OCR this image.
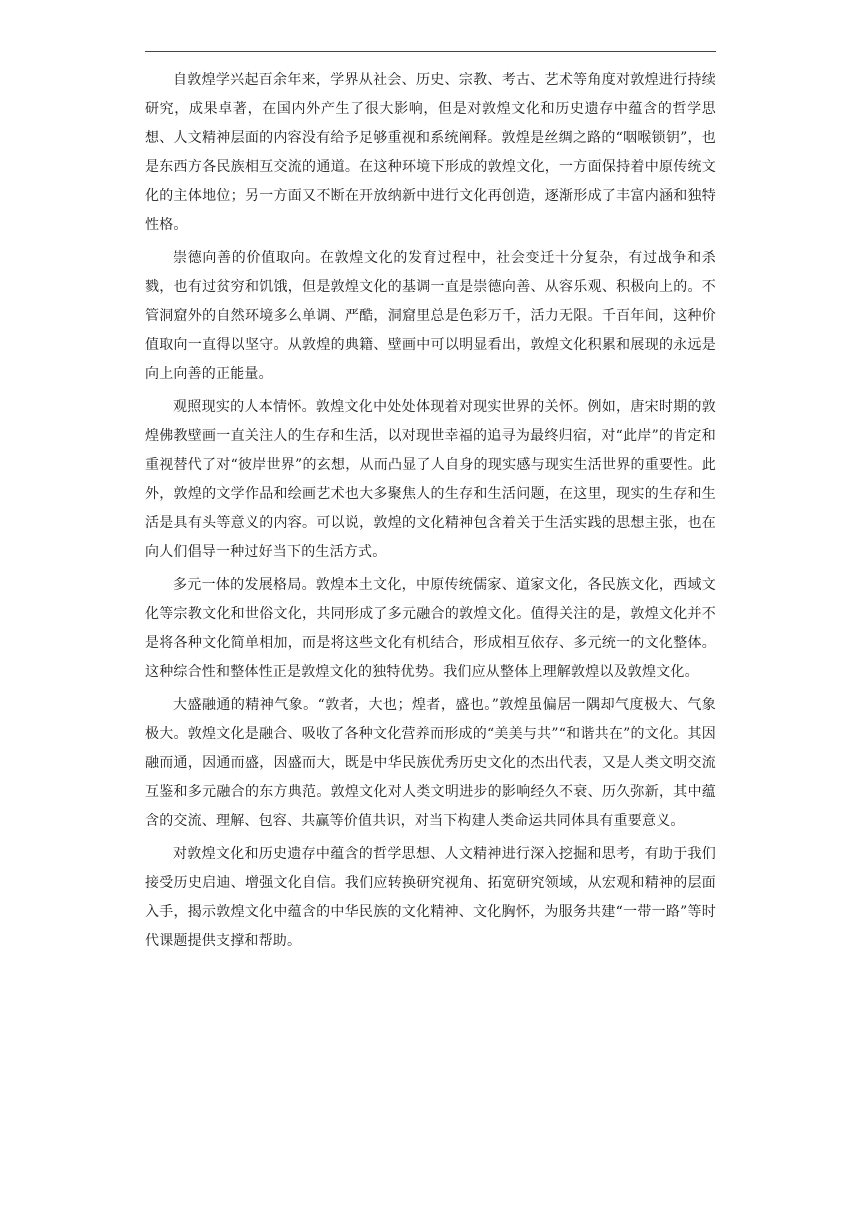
自敦煌学兴起百余年来，学界从社会、历史、宗教、考古、艺术等角度对敦煌进行持续研究，成果卓著，在国内外产生了很大影响，但是对敦煌文化和历史遗存中蕴含的哲学思想、人文精神层面的内容没有给予足够重视和系统阐释。敦煌是丝绸之路的“咽喉锁钥”，也是东西方各民族相互交流的通道。在这种环境下形成的敦煌文化，一方面保持着中原传统文化的主体地位；另一方面又不断在开放纳新中进行文化再创造，逐渐形成了丰富内涵和独特性格。

崇德向善的价值取向。在敦煌文化的发育过程中，社会变迁十分复杂，有过战争和杀戮，也有过贫穷和饥饿，但是敦煌文化的基调一直是崇德向善、从容乐观、积极向上的。不管洞窟外的自然环境多么单调、严酷，洞窟里总是色彩万千，活力无限。千百年间，这种价值取向一直得以坚守。从敦煌的典籍、壁画中可以明显看出，敦煌文化积累和展现的永远是向上向善的正能量。

观照现实的人本情怀。敦煌文化中处处体现着对现实世界的关怀。例如，唐宋时期的敦煌佛教壁画一直关注人的生存和生活，以对现世幸福的追寻为最终归宿，对“此岸”的肯定和重视替代了对“彼岸世界”的玄想，从而凸显了人自身的现实感与现实生活世界的重要性。此外，敦煌的文学作品和绘画艺术也大多聚焦人的生存和生活问题，在这里，现实的生存和生活是具有头等意义的内容。可以说，敦煌的文化精神包含着关于生活实践的思想主张，也在向人们倡导一种过好当下的生活方式。

多元一体的发展格局。敦煌本土文化，中原传统儒家、道家文化，各民族文化，西域文化等宗教文化和世俗文化，共同形成了多元融合的敦煌文化。值得关注的是，敦煌文化并不是将各种文化简单相加，而是将这些文化有机结合，形成相互依存、多元统一的文化整体。这种综合性和整体性正是敦煌文化的独特优势。我们应从整体上理解敦煌以及敦煌文化。

大盛融通的精神气象。“敦者，大也；煌者，盛也。”敦煌虽偏居一隅却气度极大、气象极大。敦煌文化是融合、吸收了各种文化营养而形成的“美美与共”“和谐共在”的文化。其因融而通，因通而盛，因盛而大，既是中华民族优秀历史文化的杰出代表，又是人类文明交流互鉴和多元融合的东方典范。敦煌文化对人类文明进步的影响经久不衰、历久弥新，其中蕴含的交流、理解、包容、共赢等价值共识，对当下构建人类命运共同体具有重要意义。

对敦煌文化和历史遗存中蕴含的哲学思想、人文精神进行深入挖掘和思考，有助于我们接受历史启迪、增强文化自信。我们应转换研究视角、拓宽研究领域，从宏观和精神的层面入手，揭示敦煌文化中蕴含的中华民族的文化精神、文化胸怀，为服务共建“一带一路”等时代课题提供支撑和帮助。
